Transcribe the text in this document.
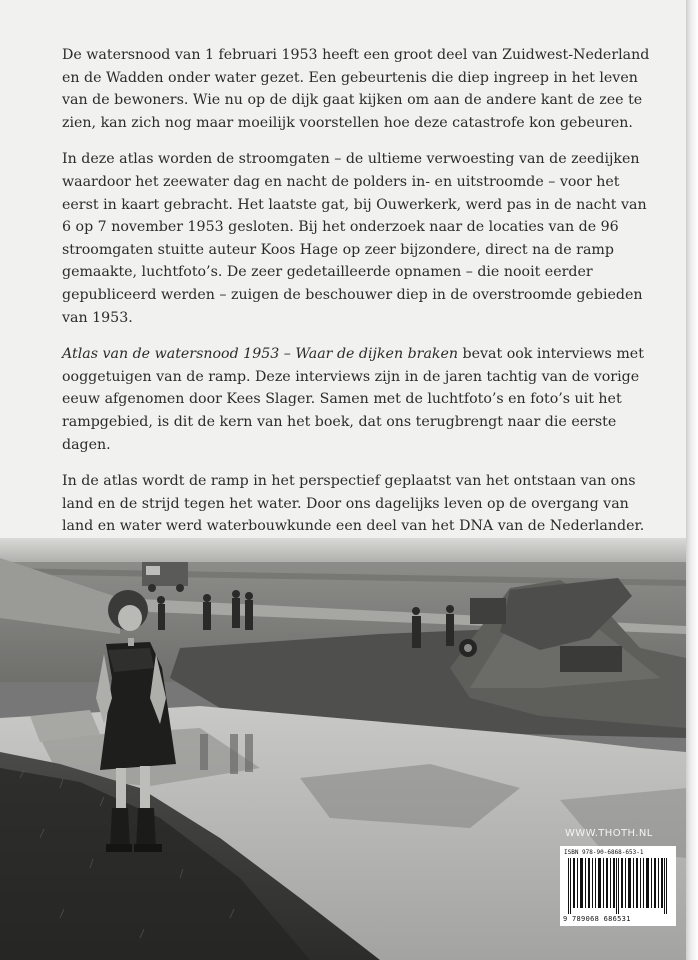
De watersnood van 1 februari 1953 heeft een groot deel van Zuidwest-Nederland en de Wadden onder water gezet. Een gebeurtenis die diep ingreep in het leven van de bewoners. Wie nu op de dijk gaat kijken om aan de andere kant de zee te zien, kan zich nog maar moeilijk voorstellen hoe deze catastrofe kon gebeuren.

In deze atlas worden de stroomgaten – de ultieme verwoesting van de zeedijken waardoor het zeewater dag en nacht de polders in- en uitstroomde – voor het eerst in kaart gebracht. Het laatste gat, bij Ouwerkerk, werd pas in de nacht van 6 op 7 november 1953 gesloten. Bij het onderzoek naar de locaties van de 96 stroomgaten stuitte auteur Koos Hage op zeer bijzondere, direct na de ramp gemaakte, luchtfoto’s. De zeer gedetailleerde opnamen – die nooit eerder gepubliceerd werden – zuigen de beschouwer diep in de overstroomde gebieden van 1953.

Atlas van de watersnood 1953 – Waar de dijken braken bevat ook interviews met ooggetuigen van de ramp. Deze interviews zijn in de jaren tachtig van de vorige eeuw afgenomen door Kees Slager. Samen met de luchtfoto’s en foto’s uit het rampgebied, is dit de kern van het boek, dat ons terugbrengt naar die eerste dagen.

In de atlas wordt de ramp in het perspectief geplaatst van het ontstaan van ons land en de strijd tegen het water. Door ons dagelijks leven op de overgang van land en water werd waterbouwkunde een deel van het DNA van de Nederlander.

WWW.THOTH.NL
ISBN 978-90-6868-653-1
9 789068 686531
